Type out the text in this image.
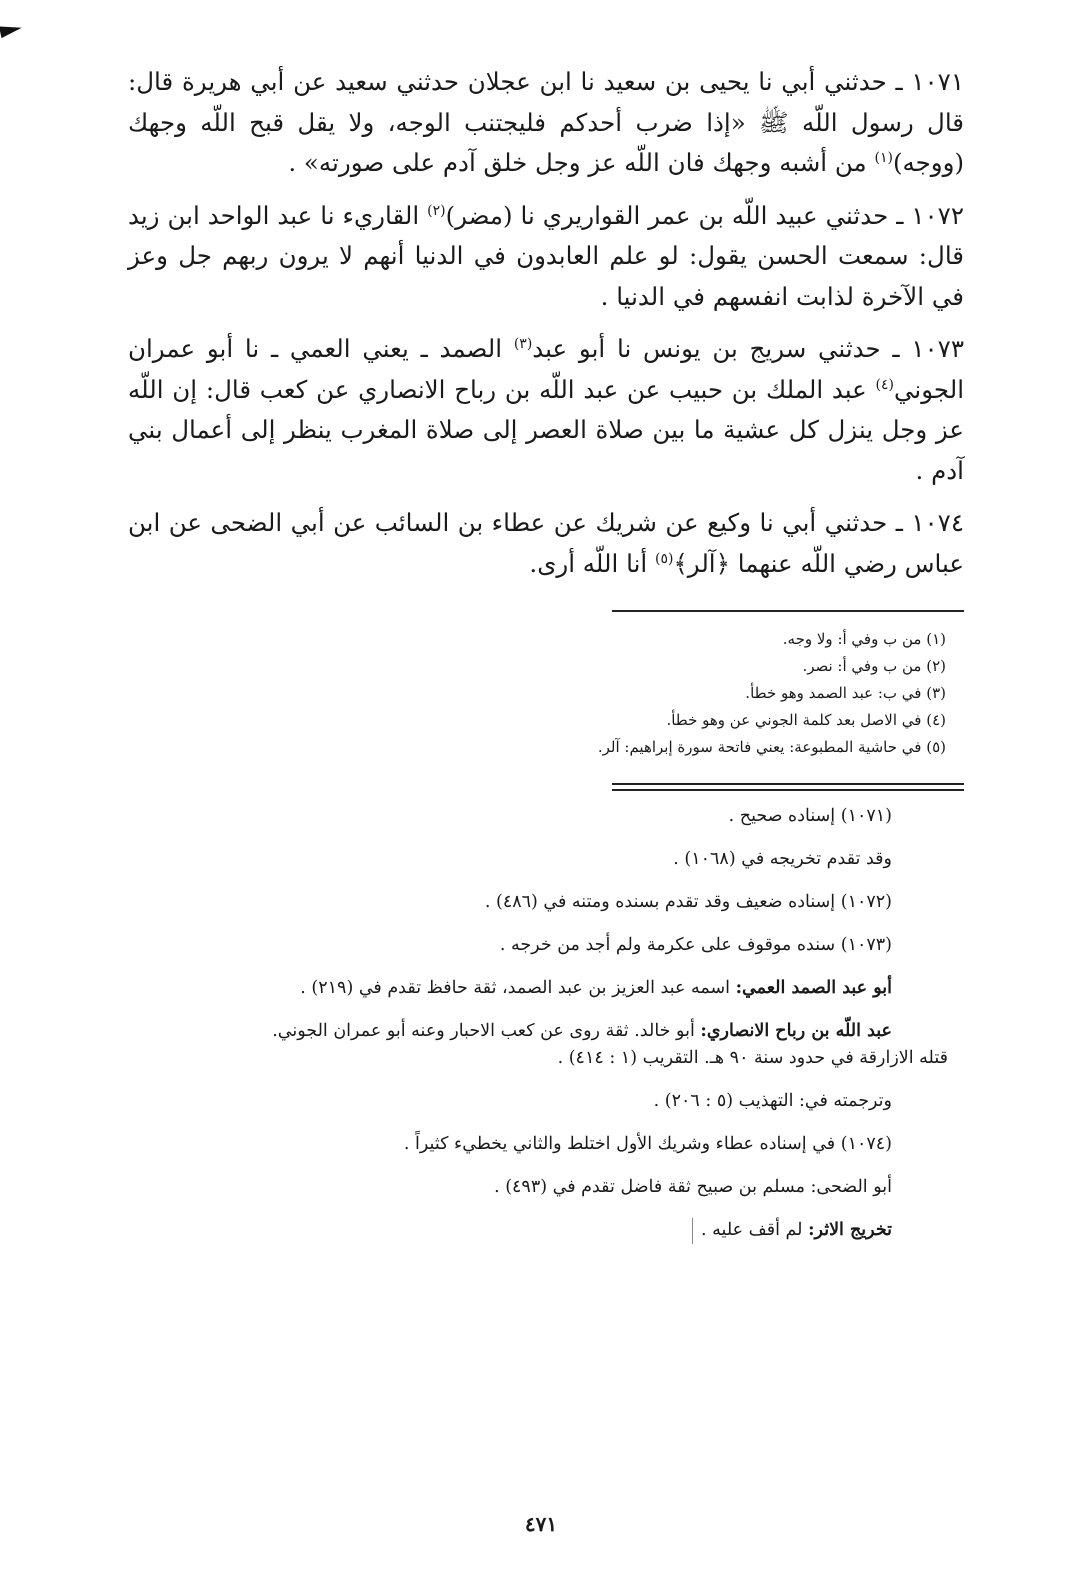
١٠٧١ ـ حدثني أبي نا يحيى بن سعيد نا ابن عجلان حدثني سعيد عن أبي هريرة قال: قال رسول اللّه ﷺ «إذا ضرب أحدكم فليجتنب الوجه، ولا يقل قبح اللّه وجهك (ووجه)$^{(١)}$ من أشبه وجهك فان اللّه عز وجل خلق آدم على صورته» .

١٠٧٢ ـ حدثني عبيد اللّه بن عمر القواريري نا (مضر)$^{(٢)}$ القاريء نا عبد الواحد ابن زيد قال: سمعت الحسن يقول: لو علم العابدون في الدنيا أنهم لا يرون ربهم جل وعز في الآخرة لذابت انفسهم في الدنيا .

١٠٧٣ ـ حدثني سريج بن يونس نا أبو عبد$^{(٣)}$ الصمد ـ يعني العمي ـ نا أبو عمران الجوني$^{(٤)}$ عبد الملك بن حبيب عن عبد اللّه بن رباح الانصاري عن كعب قال: إن اللّه عز وجل ينزل كل عشية ما بين صلاة العصر إلى صلاة المغرب ينظر إلى أعمال بني آدم .

١٠٧٤ ـ حدثني أبي نا وكيع عن شريك عن عطاء بن السائب عن أبي الضحى عن ابن عباس رضي اللّه عنهما ﴿آلر﴾$^{(٥)}$ أنا اللّه أرى.

(١) من ب وفي أ: ولا وجه.

(٢) من ب وفي أ: نصر.

(٣) في ب: عبد الصمد وهو خطأ.

(٤) في الاصل بعد كلمة الجوني عن وهو خطأ.

(٥) في حاشية المطبوعة: يعني فاتحة سورة إبراهيم: آلر.

(١٠٧١) إسناده صحيح .

وقد تقدم تخريجه في (١٠٦٨) .

(١٠٧٢) إسناده ضعيف وقد تقدم بسنده ومتنه في (٤٨٦) .

(١٠٧٣) سنده موقوف على عكرمة ولم أجد من خرجه .

أبو عبد الصمد العمي: اسمه عبد العزيز بن عبد الصمد، ثقة حافظ تقدم في (٢١٩) .

عبد اللّه بن رباح الانصاري: أبو خالد. ثقة روى عن كعب الاحبار وعنه أبو عمران الجوني.

قتله الازارقة في حدود سنة ٩٠ هـ. التقريب (١ : ٤١٤) .

وترجمته في: التهذيب (٥ : ٢٠٦) .

(١٠٧٤) في إسناده عطاء وشريك الأول اختلط والثاني يخطيء كثيراً .

أبو الضحى: مسلم بن صبيح ثقة فاضل تقدم في (٤٩٣) .

تخريج الاثر: لم أقف عليه .

٤٧١
